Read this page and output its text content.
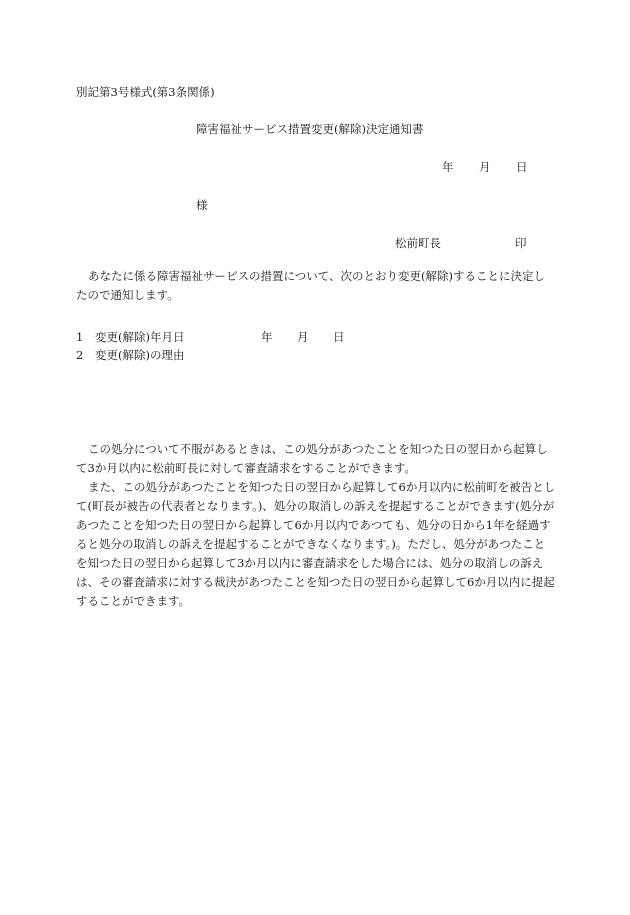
別記第3号様式(第3条関係)
障害福祉サービス措置変更(解除)決定通知書
年 月 日
様
松前町長	印
あなたに係る障害福祉サービスの措置について、次のとおり変更(解除)することに決定したので通知します。
1 変更(解除)年月日	年 月 日
2 変更(解除)の理由

この処分について不服があるときは、この処分があつたことを知つた日の翌日から起算して3か月以内に松前町長に対して審査請求をすることができます。

また、この処分があつたことを知つた日の翌日から起算して6か月以内に松前町を被告として(町長が被告の代表者となります。)、処分の取消しの訴えを提起することができます(処分があつたことを知つた日の翌日から起算して6か月以内であつても、処分の日から1年を経過すると処分の取消しの訴えを提起することができなくなります。)。ただし、処分があつたことを知つた日の翌日から起算して3か月以内に審査請求をした場合には、処分の取消しの訴えは、その審査請求に対する裁決があつたことを知つた日の翌日から起算して6か月以内に提起することができます。
